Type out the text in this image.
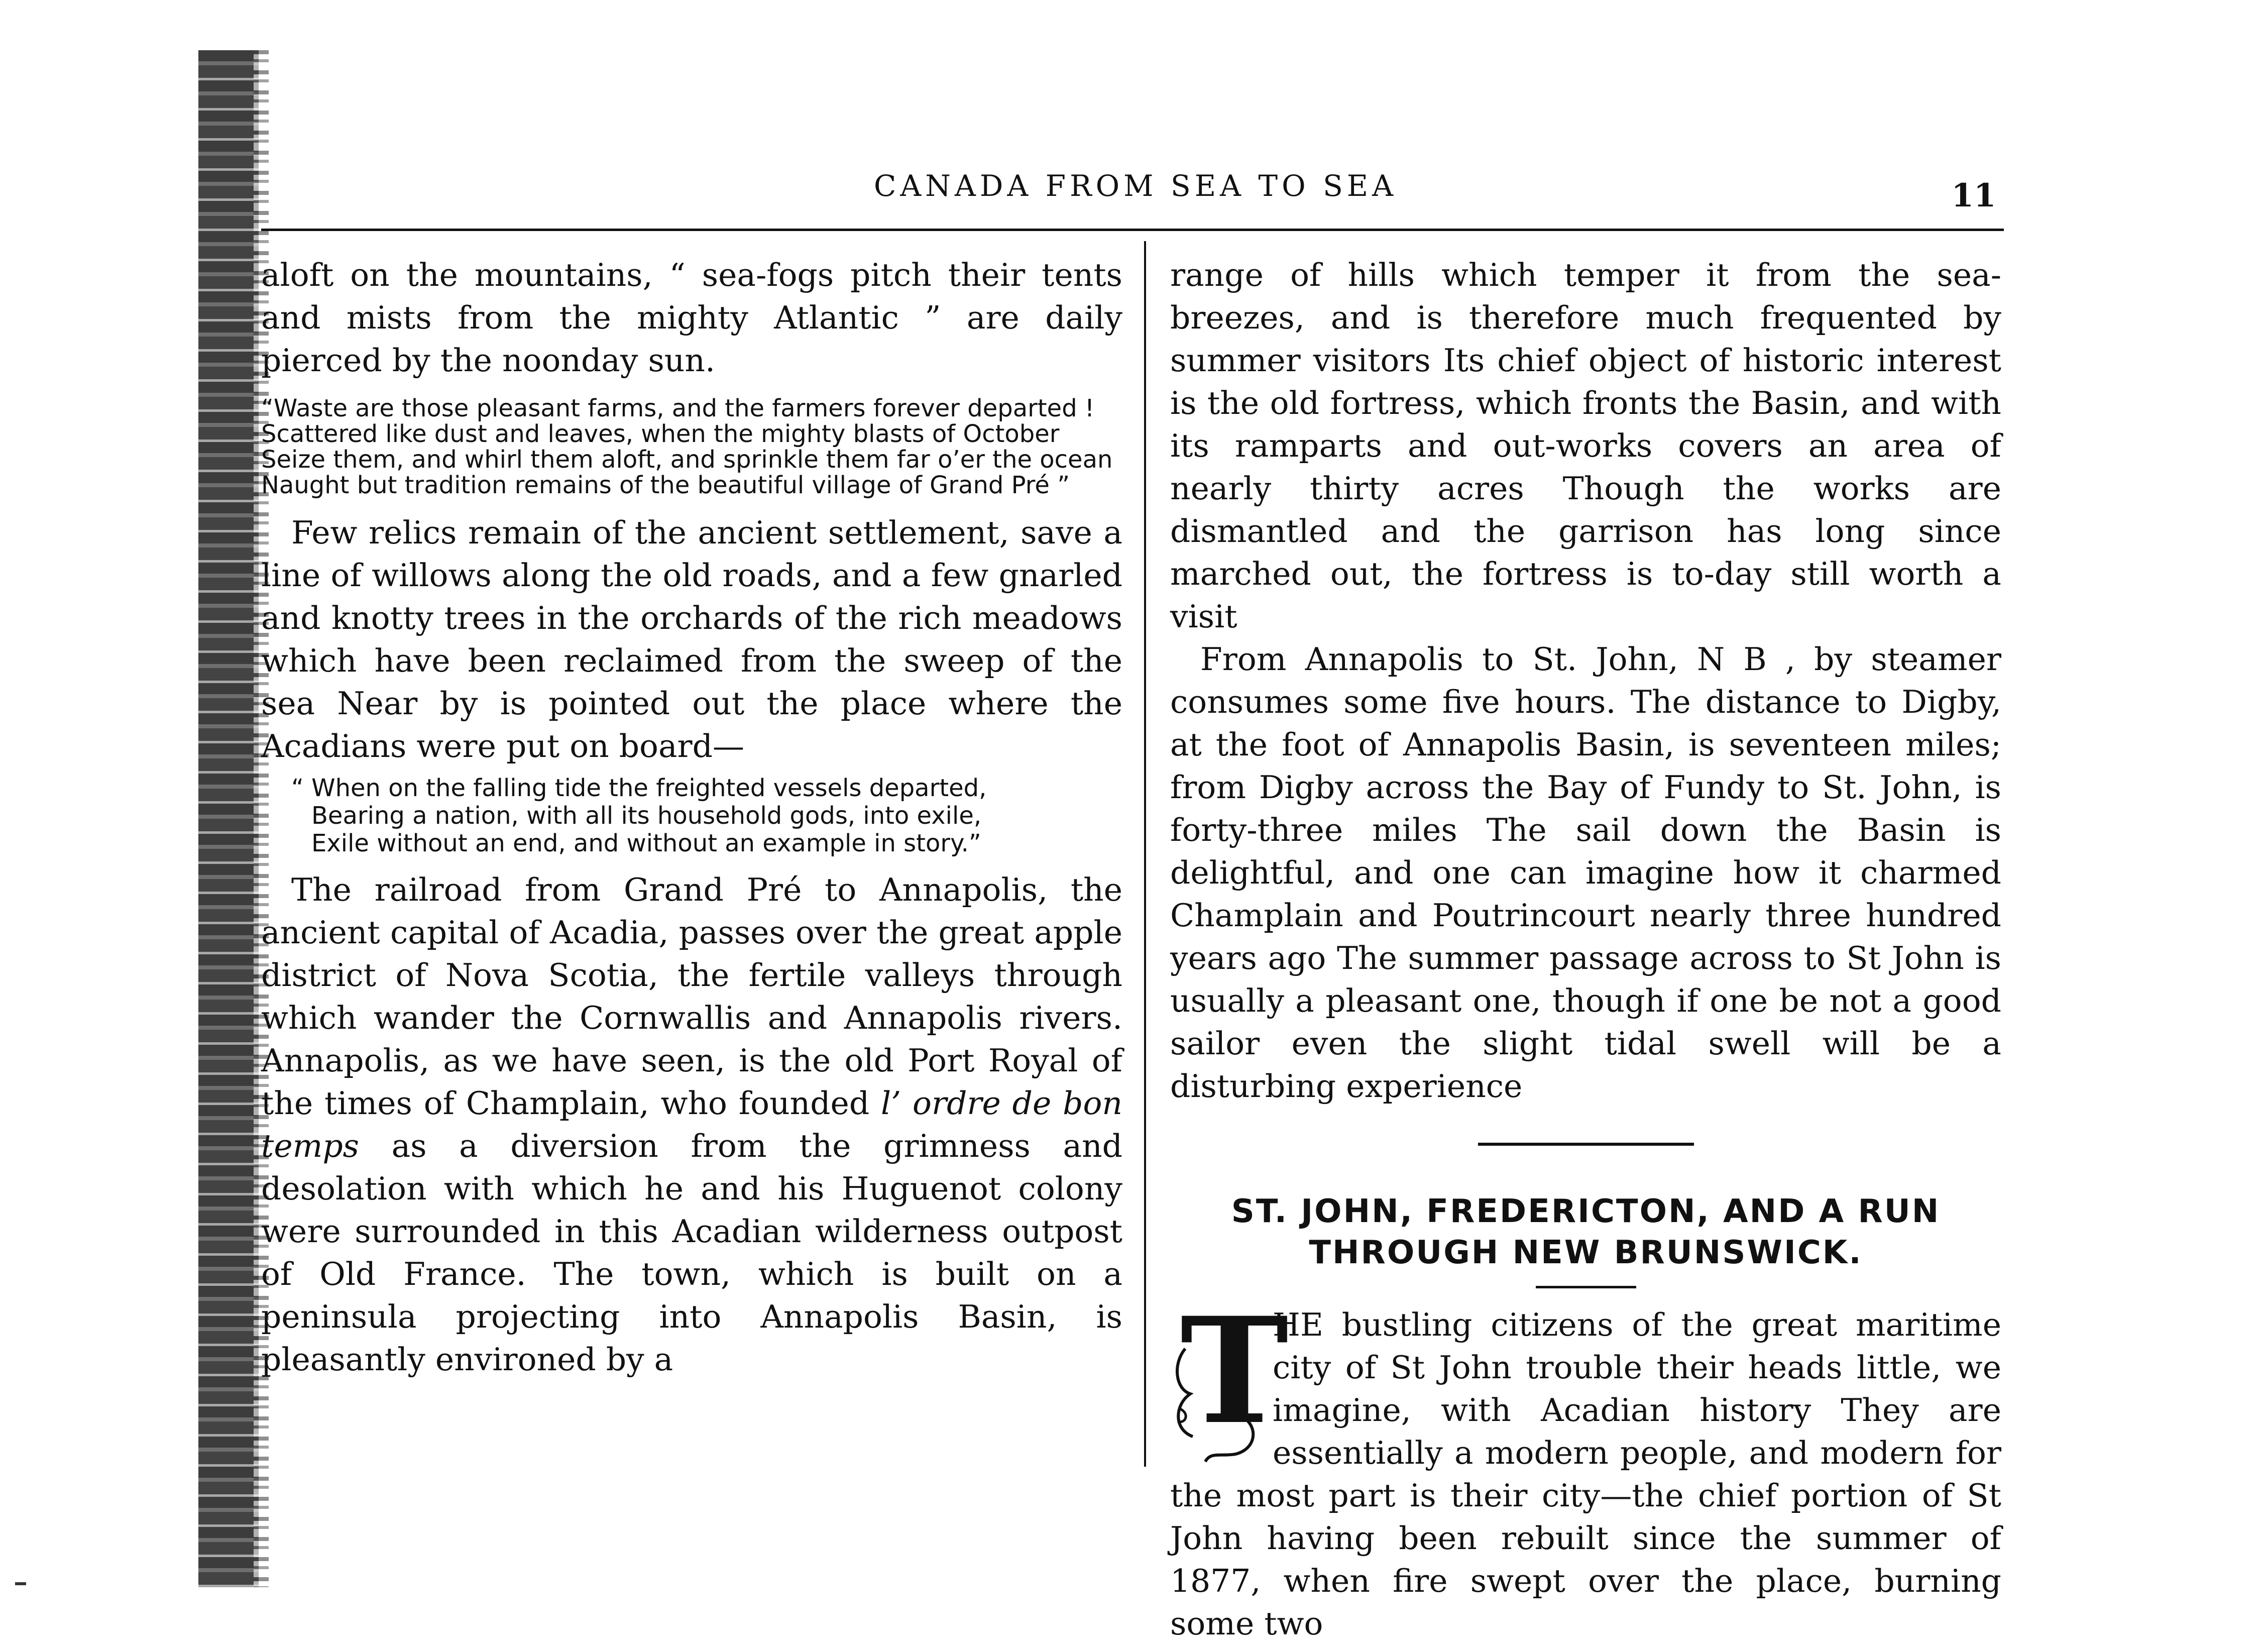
CANADA FROM SEA TO SEA	11

aloft on the mountains, “ sea-fogs pitch their tents and mists from the mighty Atlantic ” are daily pierced by the noonday sun.

“Waste are those pleasant farms, and the farmers forever departed !
Scattered like dust and leaves, when the mighty blasts of October
Seize them, and whirl them aloft, and sprinkle them far o’er the ocean
Naught but tradition remains of the beautiful village of Grand Pré ”

Few relics remain of the ancient settlement, save a line of willows along the old roads, and a few gnarled and knotty trees in the orchards of the rich meadows which have been reclaimed from the sweep of the sea Near by is pointed out the place where the Acadians were put on board—

“ When on the falling tide the freighted vessels departed,
Bearing a nation, with all its household gods, into exile,
Exile without an end, and without an example in story.”

The railroad from Grand Pré to Annapolis, the ancient capital of Acadia, passes over the great apple district of Nova Scotia, the fertile valleys through which wander the Cornwallis and Annapolis rivers. Annapolis, as we have seen, is the old Port Royal of the times of Champlain, who founded l’ ordre de bon temps as a diversion from the grimness and desolation with which he and his Huguenot colony were surrounded in this Acadian wilderness outpost of Old France. The town, which is built on a peninsula projecting into Annapolis Basin, is pleasantly environed by a

range of hills which temper it from the sea-breezes, and is therefore much frequented by summer visitors Its chief object of historic interest is the old fortress, which fronts the Basin, and with its ramparts and out-works covers an area of nearly thirty acres Though the works are dismantled and the garrison has long since marched out, the fortress is to-day still worth a visit

From Annapolis to St. John, N B , by steamer consumes some five hours. The distance to Digby, at the foot of Annapolis Basin, is seventeen miles; from Digby across the Bay of Fundy to St. John, is forty-three miles The sail down the Basin is delightful, and one can imagine how it charmed Champlain and Poutrincourt nearly three hundred years ago The summer passage across to St John is usually a pleasant one, though if one be not a good sailor even the slight tidal swell will be a disturbing experience

ST. JOHN, FREDERICTON, AND A RUN
THROUGH NEW BRUNSWICK.
T

HE bustling citizens of the great maritime city of St John trouble their heads little, we imagine, with Acadian history They are essentially a modern people, and modern for the most part is their city—the chief portion of St John having been rebuilt since the summer of 1877, when fire swept over the place, burning some two
